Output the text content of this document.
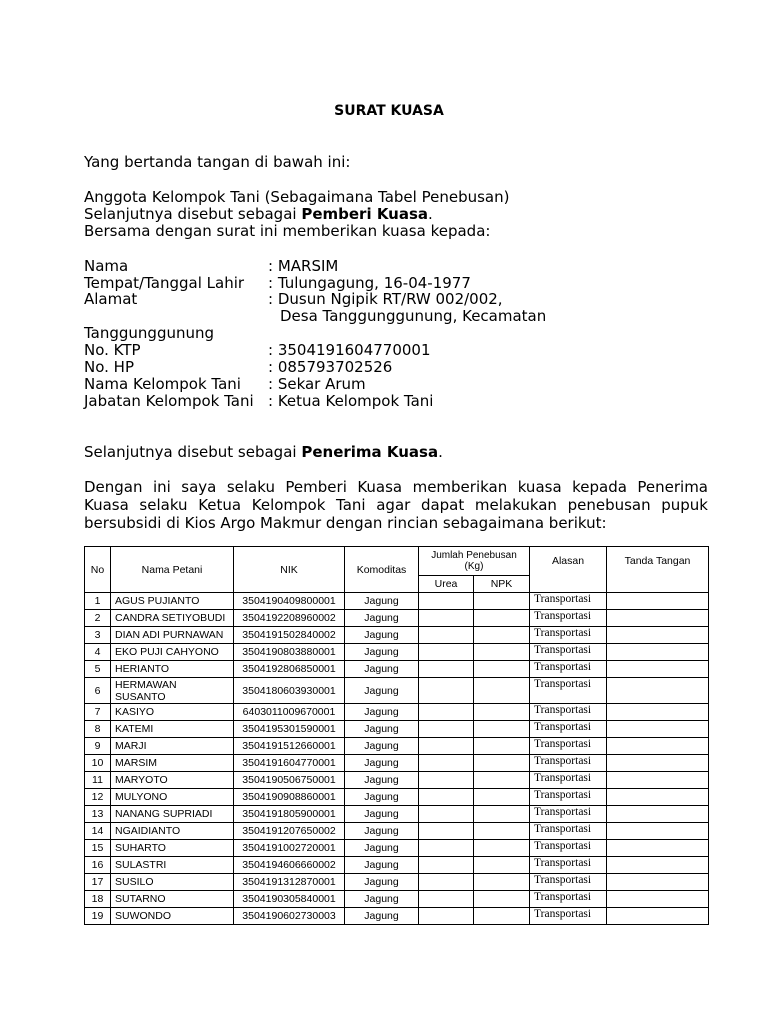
SURAT KUASA
Yang bertanda tangan di bawah ini:
Anggota Kelompok Tani (Sebagaimana Tabel Penebusan)
Selanjutnya disebut sebagai Pemberi Kuasa.
Bersama dengan surat ini memberikan kuasa kepada:
Nama	: MARSIM
Tempat/Tanggal Lahir : Tulungagung, 16-04-1977
Alamat	: Dusun Ngipik RT/RW 002/002,
Desa Tanggunggunung, Kecamatan
Tanggunggunung
No. KTP	: 3504191604770001
No. HP	: 085793702526
Nama Kelompok Tani : Sekar Arum
Jabatan Kelompok Tani : Ketua Kelompok Tani
Selanjutnya disebut sebagai Penerima Kuasa.
Dengan ini saya selaku Pemberi Kuasa memberikan kuasa kepada Penerima
Kuasa selaku Ketua Kelompok Tani agar dapat melakukan penebusan pupuk
bersubsidi di Kios Argo Makmur dengan rincian sebagaimana berikut:
No	Nama Petani	NIK	Komoditas	Jumlah Penebusan (Kg)		Alasan	Tanda Tangan
				Urea	NPK		
1	AGUS PUJIANTO	3504190409800001	Jagung			Transportasi	
2	CANDRA SETIYOBUDI	3504192208960002	Jagung			Transportasi	
3	DIAN ADI PURNAWAN	3504191502840002	Jagung			Transportasi	
4	EKO PUJI CAHYONO	3504190803880001	Jagung			Transportasi	
5	HERIANTO	3504192806850001	Jagung			Transportasi	
6	HERMAWAN SUSANTO	3504180603930001	Jagung			Transportasi	
7	KASIYO	6403011009670001	Jagung			Transportasi	
8	KATEMI	3504195301590001	Jagung			Transportasi	
9	MARJI	3504191512660001	Jagung			Transportasi	
10	MARSIM	3504191604770001	Jagung			Transportasi	
11	MARYOTO	3504190506750001	Jagung			Transportasi	
12	MULYONO	3504190908860001	Jagung			Transportasi	
13	NANANG SUPRIADI	3504191805900001	Jagung			Transportasi	
14	NGAIDIANTO	3504191207650002	Jagung			Transportasi	
15	SUHARTO	3504191002720001	Jagung			Transportasi	
16	SULASTRI	3504194606660002	Jagung			Transportasi	
17	SUSILO	3504191312870001	Jagung			Transportasi	
18	SUTARNO	3504190305840001	Jagung			Transportasi	
19	SUWONDO	3504190602730003	Jagung			Transportasi	
